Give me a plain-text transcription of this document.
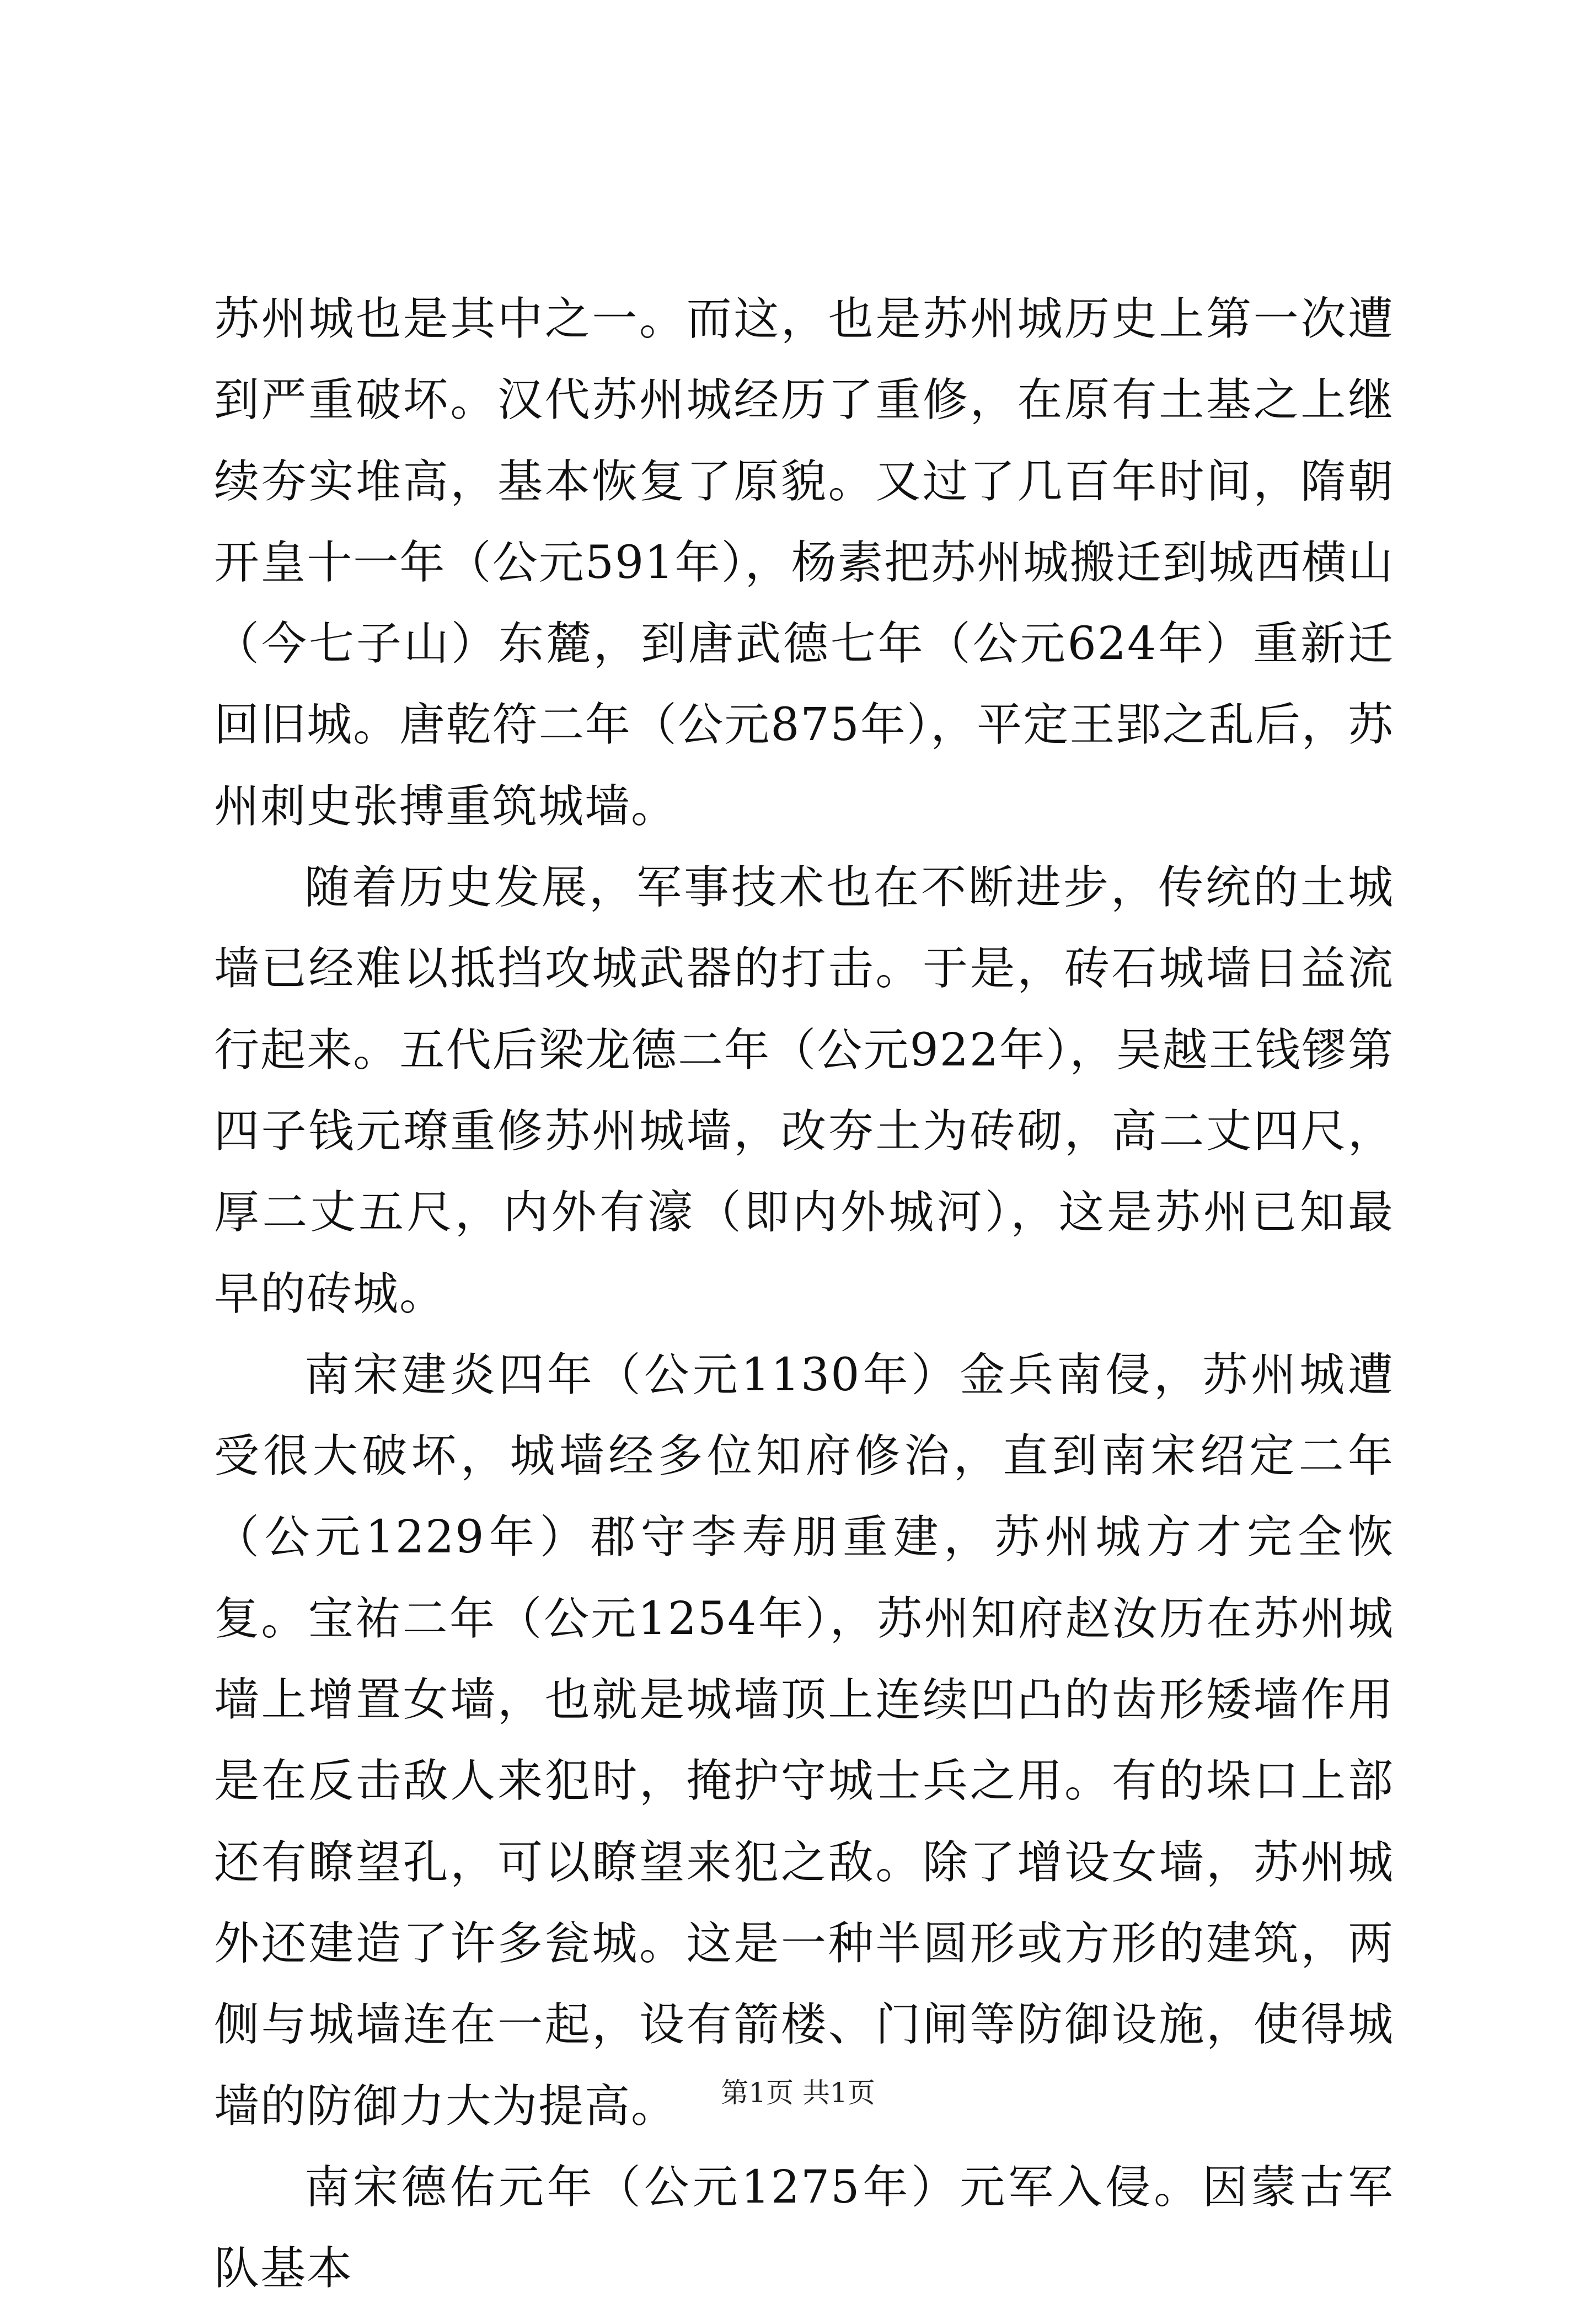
苏州城也是其中之一。而这，也是苏州城历史上第一次遭到严重破坏。汉代苏州城经历了重修，在原有土基之上继续夯实堆高，基本恢复了原貌。又过了几百年时间，隋朝开皇十一年（公元591年），杨素把苏州城搬迁到城西横山（今七子山）东麓，到唐武德七年（公元624年）重新迁回旧城。唐乾符二年（公元875年），平定王郢之乱后，苏州刺史张搏重筑城墙。

随着历史发展，军事技术也在不断进步，传统的土城墙已经难以抵挡攻城武器的打击。于是，砖石城墙日益流行起来。五代后梁龙德二年（公元922年），吴越王钱镠第四子钱元璙重修苏州城墙，改夯土为砖砌，高二丈四尺，厚二丈五尺，内外有濠（即内外城河），这是苏州已知最早的砖城。

南宋建炎四年（公元1130年）金兵南侵，苏州城遭受很大破坏，城墙经多位知府修治，直到南宋绍定二年（公元1229年）郡守李寿朋重建，苏州城方才完全恢复。宝祐二年（公元1254年），苏州知府赵汝历在苏州城墙上增置女墙，也就是城墙顶上连续凹凸的齿形矮墙作用是在反击敌人来犯时，掩护守城士兵之用。有的垛口上部还有瞭望孔，可以瞭望来犯之敌。除了增设女墙，苏州城外还建造了许多瓮城。这是一种半圆形或方形的建筑，两侧与城墙连在一起，设有箭楼、门闸等防御设施，使得城墙的防御力大为提高。

南宋德佑元年（公元1275年）元军入侵。因蒙古军队基本

第1页 共1页
